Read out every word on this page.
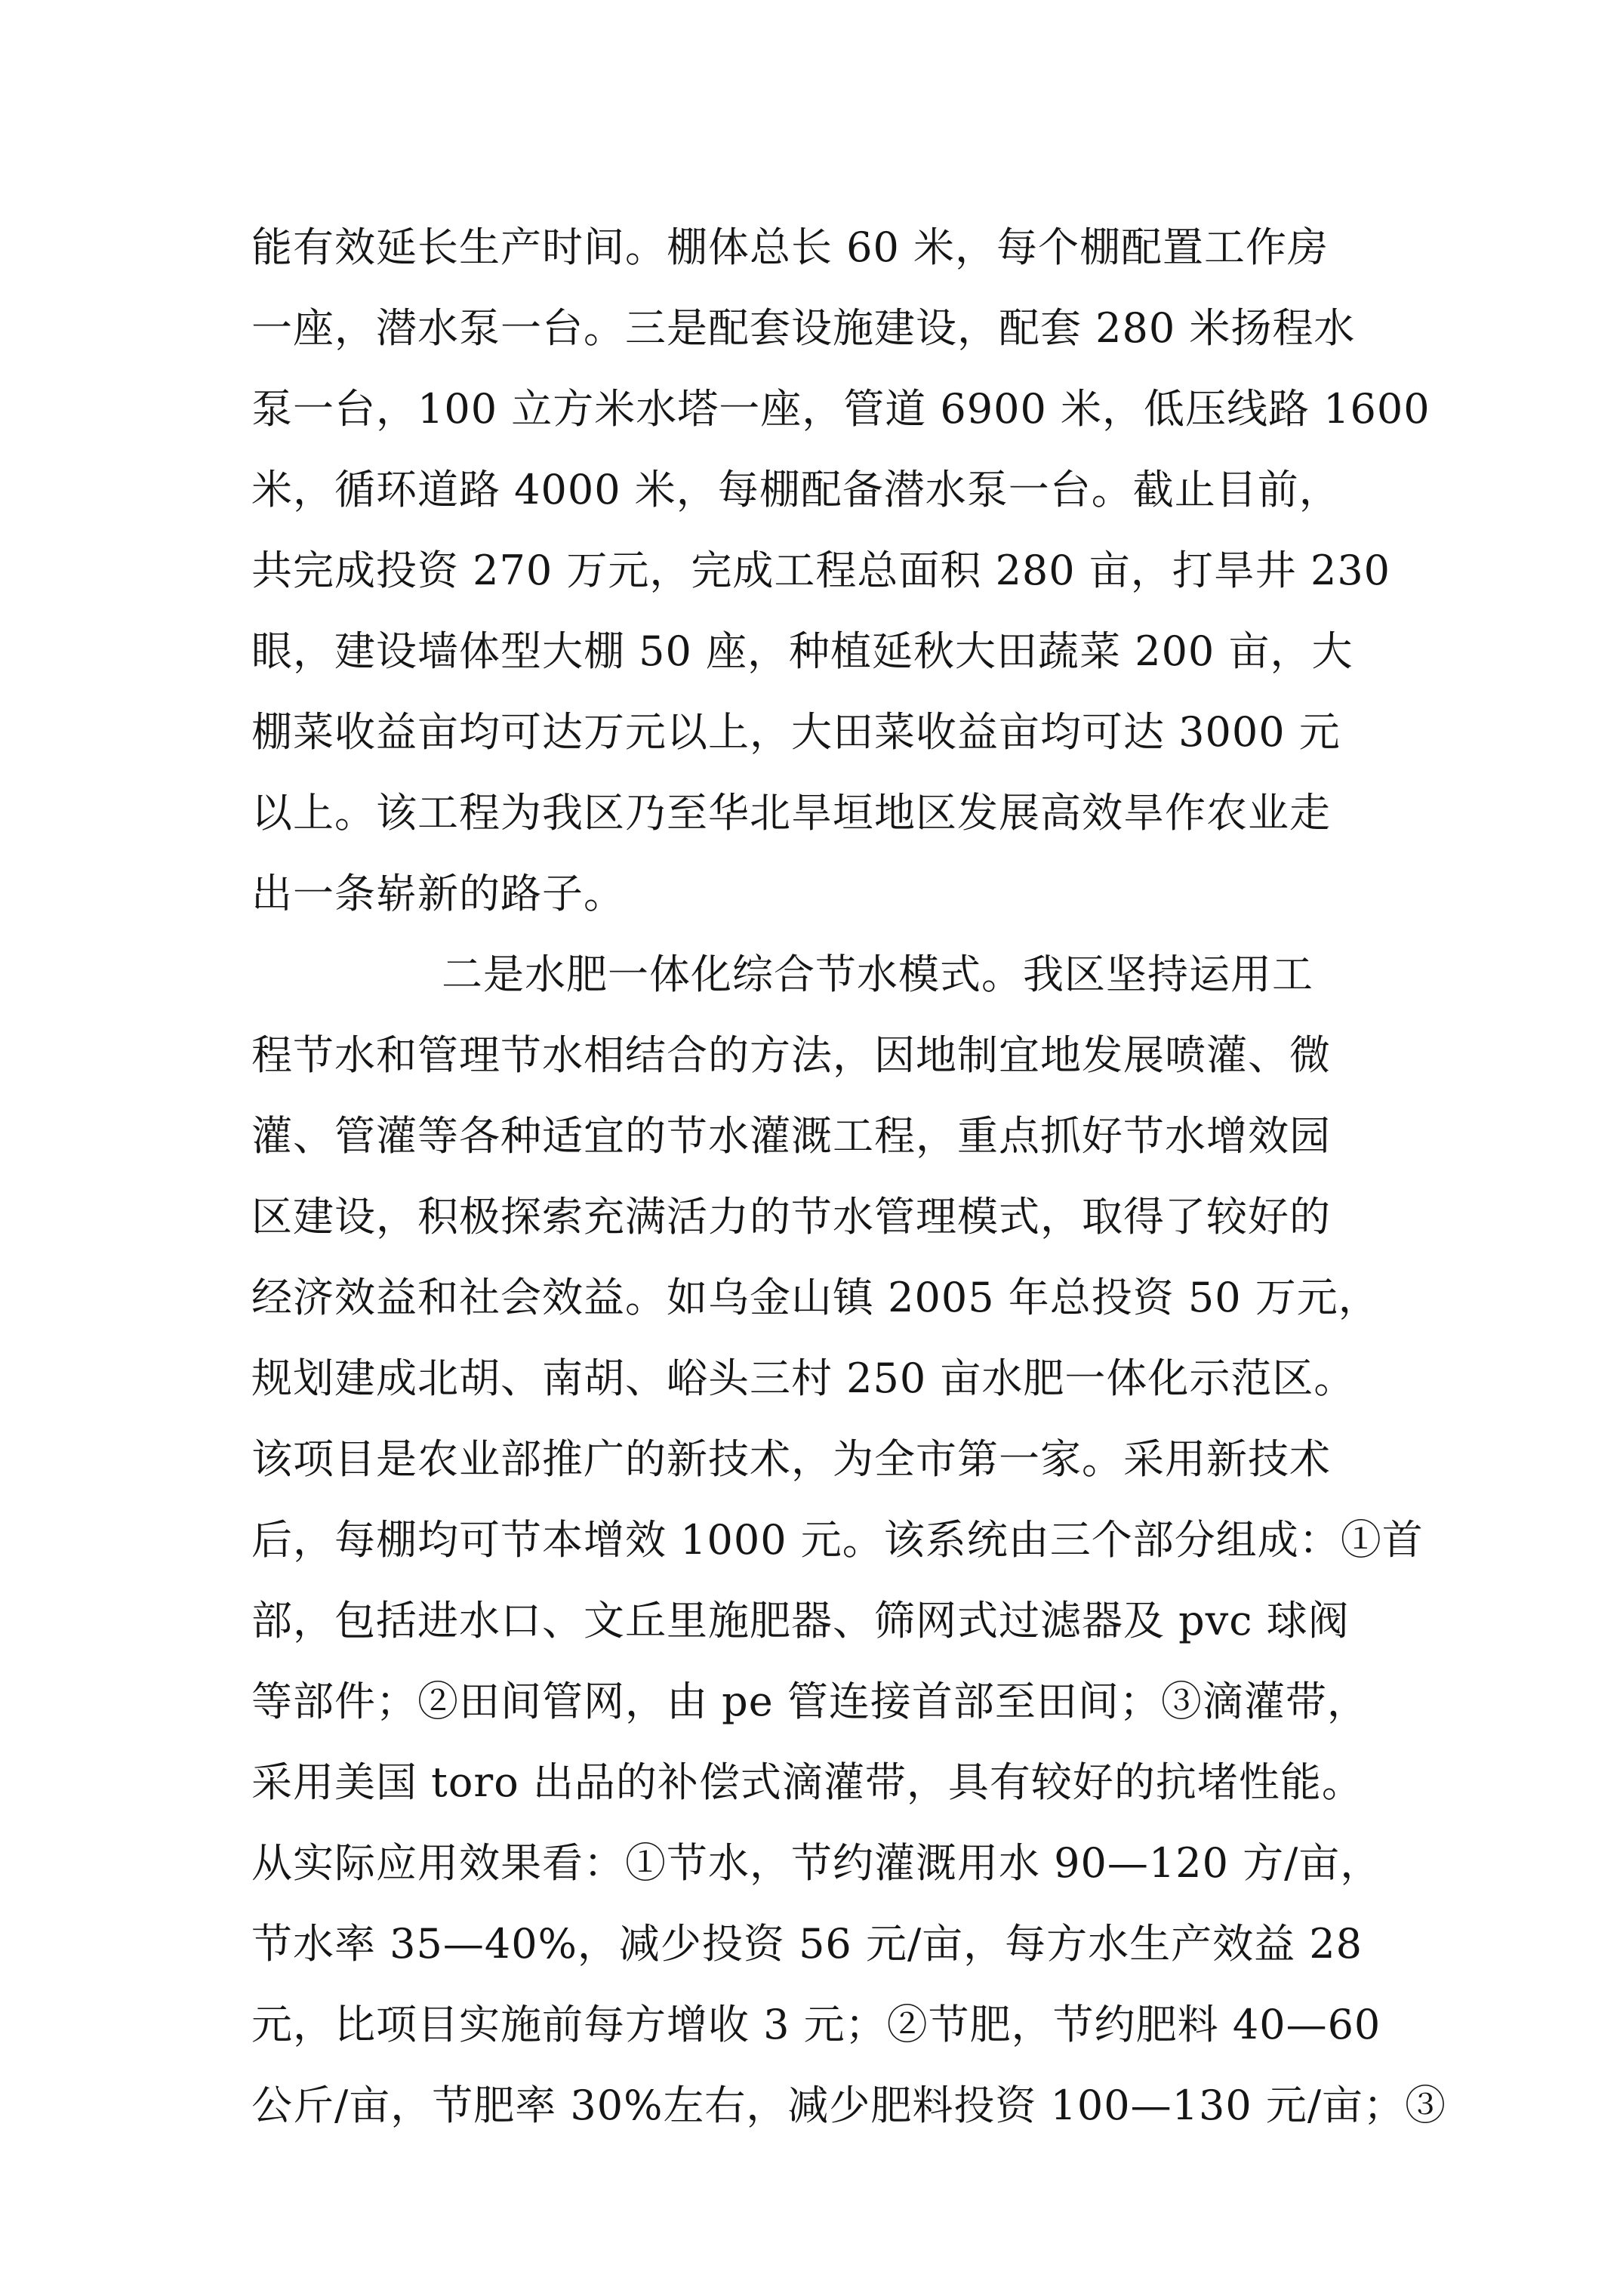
能有效延长生产时间。棚体总长 60 米，每个棚配置工作房
一座，潜水泵一台。三是配套设施建设，配套 280 米扬程水
泵一台，100 立方米水塔一座，管道 6900 米，低压线路 1600
米，循环道路 4000 米，每棚配备潜水泵一台。截止目前，
共完成投资 270 万元，完成工程总面积 280 亩，打旱井 230
眼，建设墙体型大棚 50 座，种植延秋大田蔬菜 200 亩，大
棚菜收益亩均可达万元以上，大田菜收益亩均可达 3000 元
以上。该工程为我区乃至华北旱垣地区发展高效旱作农业走
出一条崭新的路子。
二是水肥一体化综合节水模式。我区坚持运用工
程节水和管理节水相结合的方法，因地制宜地发展喷灌、微
灌、管灌等各种适宜的节水灌溉工程，重点抓好节水增效园
区建设，积极探索充满活力的节水管理模式，取得了较好的
经济效益和社会效益。如乌金山镇 2005 年总投资 50 万元，
规划建成北胡、南胡、峪头三村 250 亩水肥一体化示范区。
该项目是农业部推广的新技术，为全市第一家。采用新技术
后，每棚均可节本增效 1000 元。该系统由三个部分组成：①首
部，包括进水口、文丘里施肥器、筛网式过滤器及 pvc 球阀
等部件；②田间管网，由 pe 管连接首部至田间；③滴灌带，
采用美国 toro 出品的补偿式滴灌带，具有较好的抗堵性能。
从实际应用效果看：①节水，节约灌溉用水 90—120 方/亩，
节水率 35—40%，减少投资 56 元/亩，每方水生产效益 28
元，比项目实施前每方增收 3 元；②节肥，节约肥料 40—60
公斤/亩，节肥率 30%左右，减少肥料投资 100—130 元/亩；③
